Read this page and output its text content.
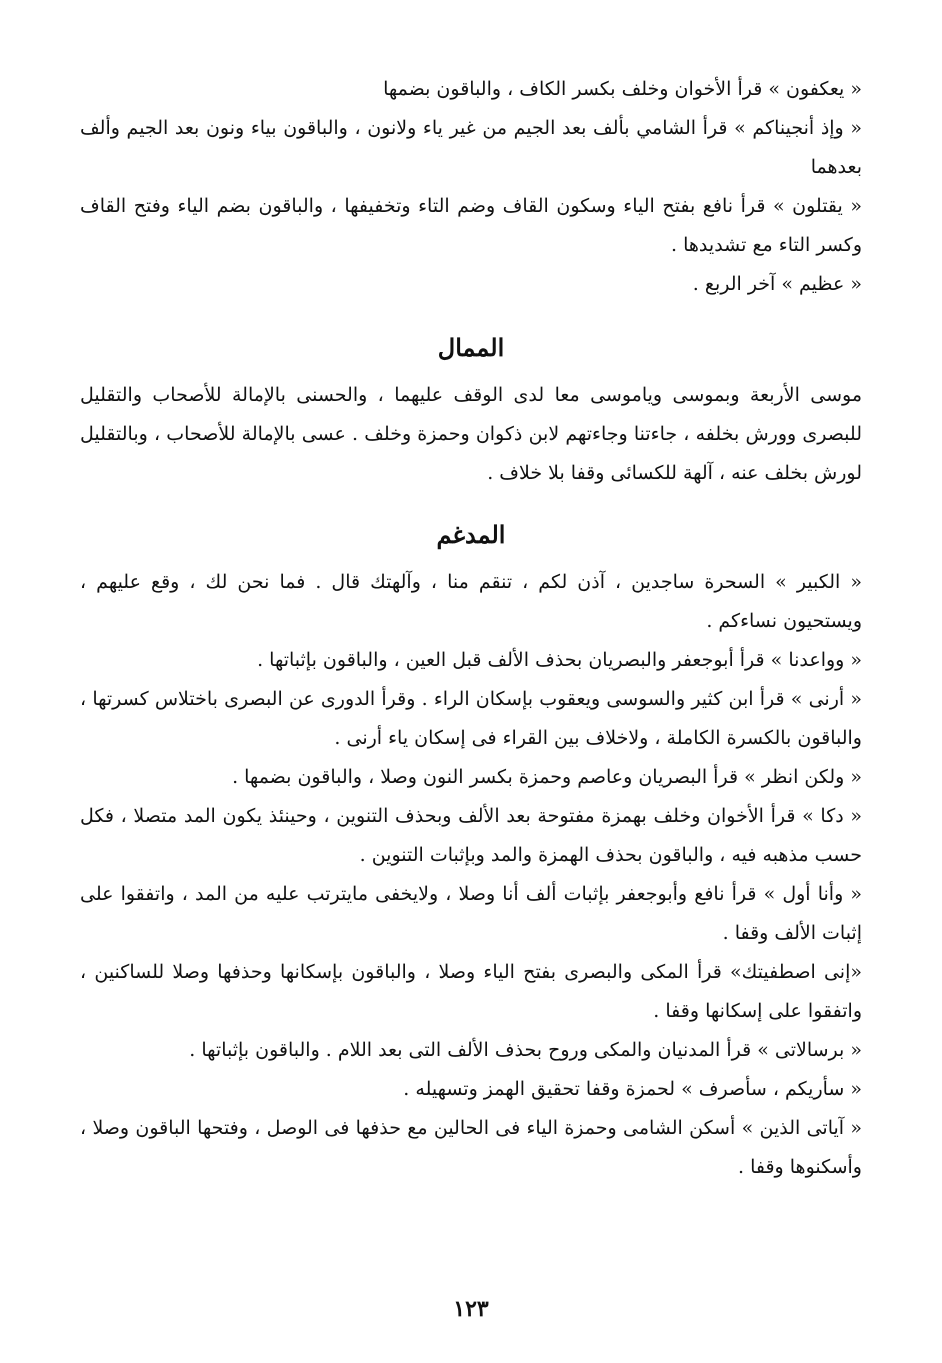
« يعكفون » قرأ الأخوان وخلف بكسر الكاف ، والباقون بضمها

« وإذ أنجيناكم » قرأ الشامي بألف بعد الجيم من غير ياء ولانون ، والباقون بياء ونون بعد الجيم وألف بعدهما

« يقتلون » قرأ نافع بفتح الياء وسكون القاف وضم التاء وتخفيفها ، والباقون بضم الياء وفتح القاف وكسر التاء مع تشديدها .

« عظيم » آخر الربع .

الممال

موسى الأربعة وبموسى وياموسى معا لدى الوقف عليهما ، والحسنى بالإمالة للأصحاب والتقليل للبصرى وورش بخلفه ، جاءتنا وجاءتهم لابن ذكوان وحمزة وخلف . عسى بالإمالة للأصحاب ، وبالتقليل لورش بخلف عنه ، آلهة للكسائى وقفا بلا خلاف .

المدغم

« الكبير » السحرة ساجدين ، آذن لكم ، تنقم منا ، وآلهتك قال . فما نحن لك ، وقع عليهم ، ويستحيون نساءكم .

« وواعدنا » قرأ أبوجعفر والبصريان بحذف الألف قبل العين ، والباقون بإثباتها .

« أرنى » قرأ ابن كثير والسوسى ويعقوب بإسكان الراء . وقرأ الدورى عن البصرى باختلاس كسرتها ، والباقون بالكسرة الكاملة ، ولاخلاف بين القراء فى إسكان ياء أرنى .

« ولكن انظر » قرأ البصريان وعاصم وحمزة بكسر النون وصلا ، والباقون بضمها .

« دكا » قرأ الأخوان وخلف بهمزة مفتوحة بعد الألف وبحذف التنوين ، وحينئذ يكون المد متصلا ، فكل حسب مذهبه فيه ، والباقون بحذف الهمزة والمد وبإثبات التنوين .

« وأنا أول » قرأ نافع وأبوجعفر بإثبات ألف أنا وصلا ، ولايخفى مايترتب عليه من المد ، واتفقوا على إثبات الألف وقفا .

«إنى اصطفيتك» قرأ المكى والبصرى بفتح الياء وصلا ، والباقون بإسكانها وحذفها وصلا للساكنين ، واتفقوا على إسكانها وقفا .

« برسالاتى » قرأ المدنيان والمكى وروح بحذف الألف التى بعد اللام . والباقون بإثباتها .

« سأريكم ، سأصرف » لحمزة وقفا تحقيق الهمز وتسهيله .

« آياتى الذين » أسكن الشامى وحمزة الياء فى الحالين مع حذفها فى الوصل ، وفتحها الباقون وصلا ، وأسكنوها وقفا .

١٢٣
